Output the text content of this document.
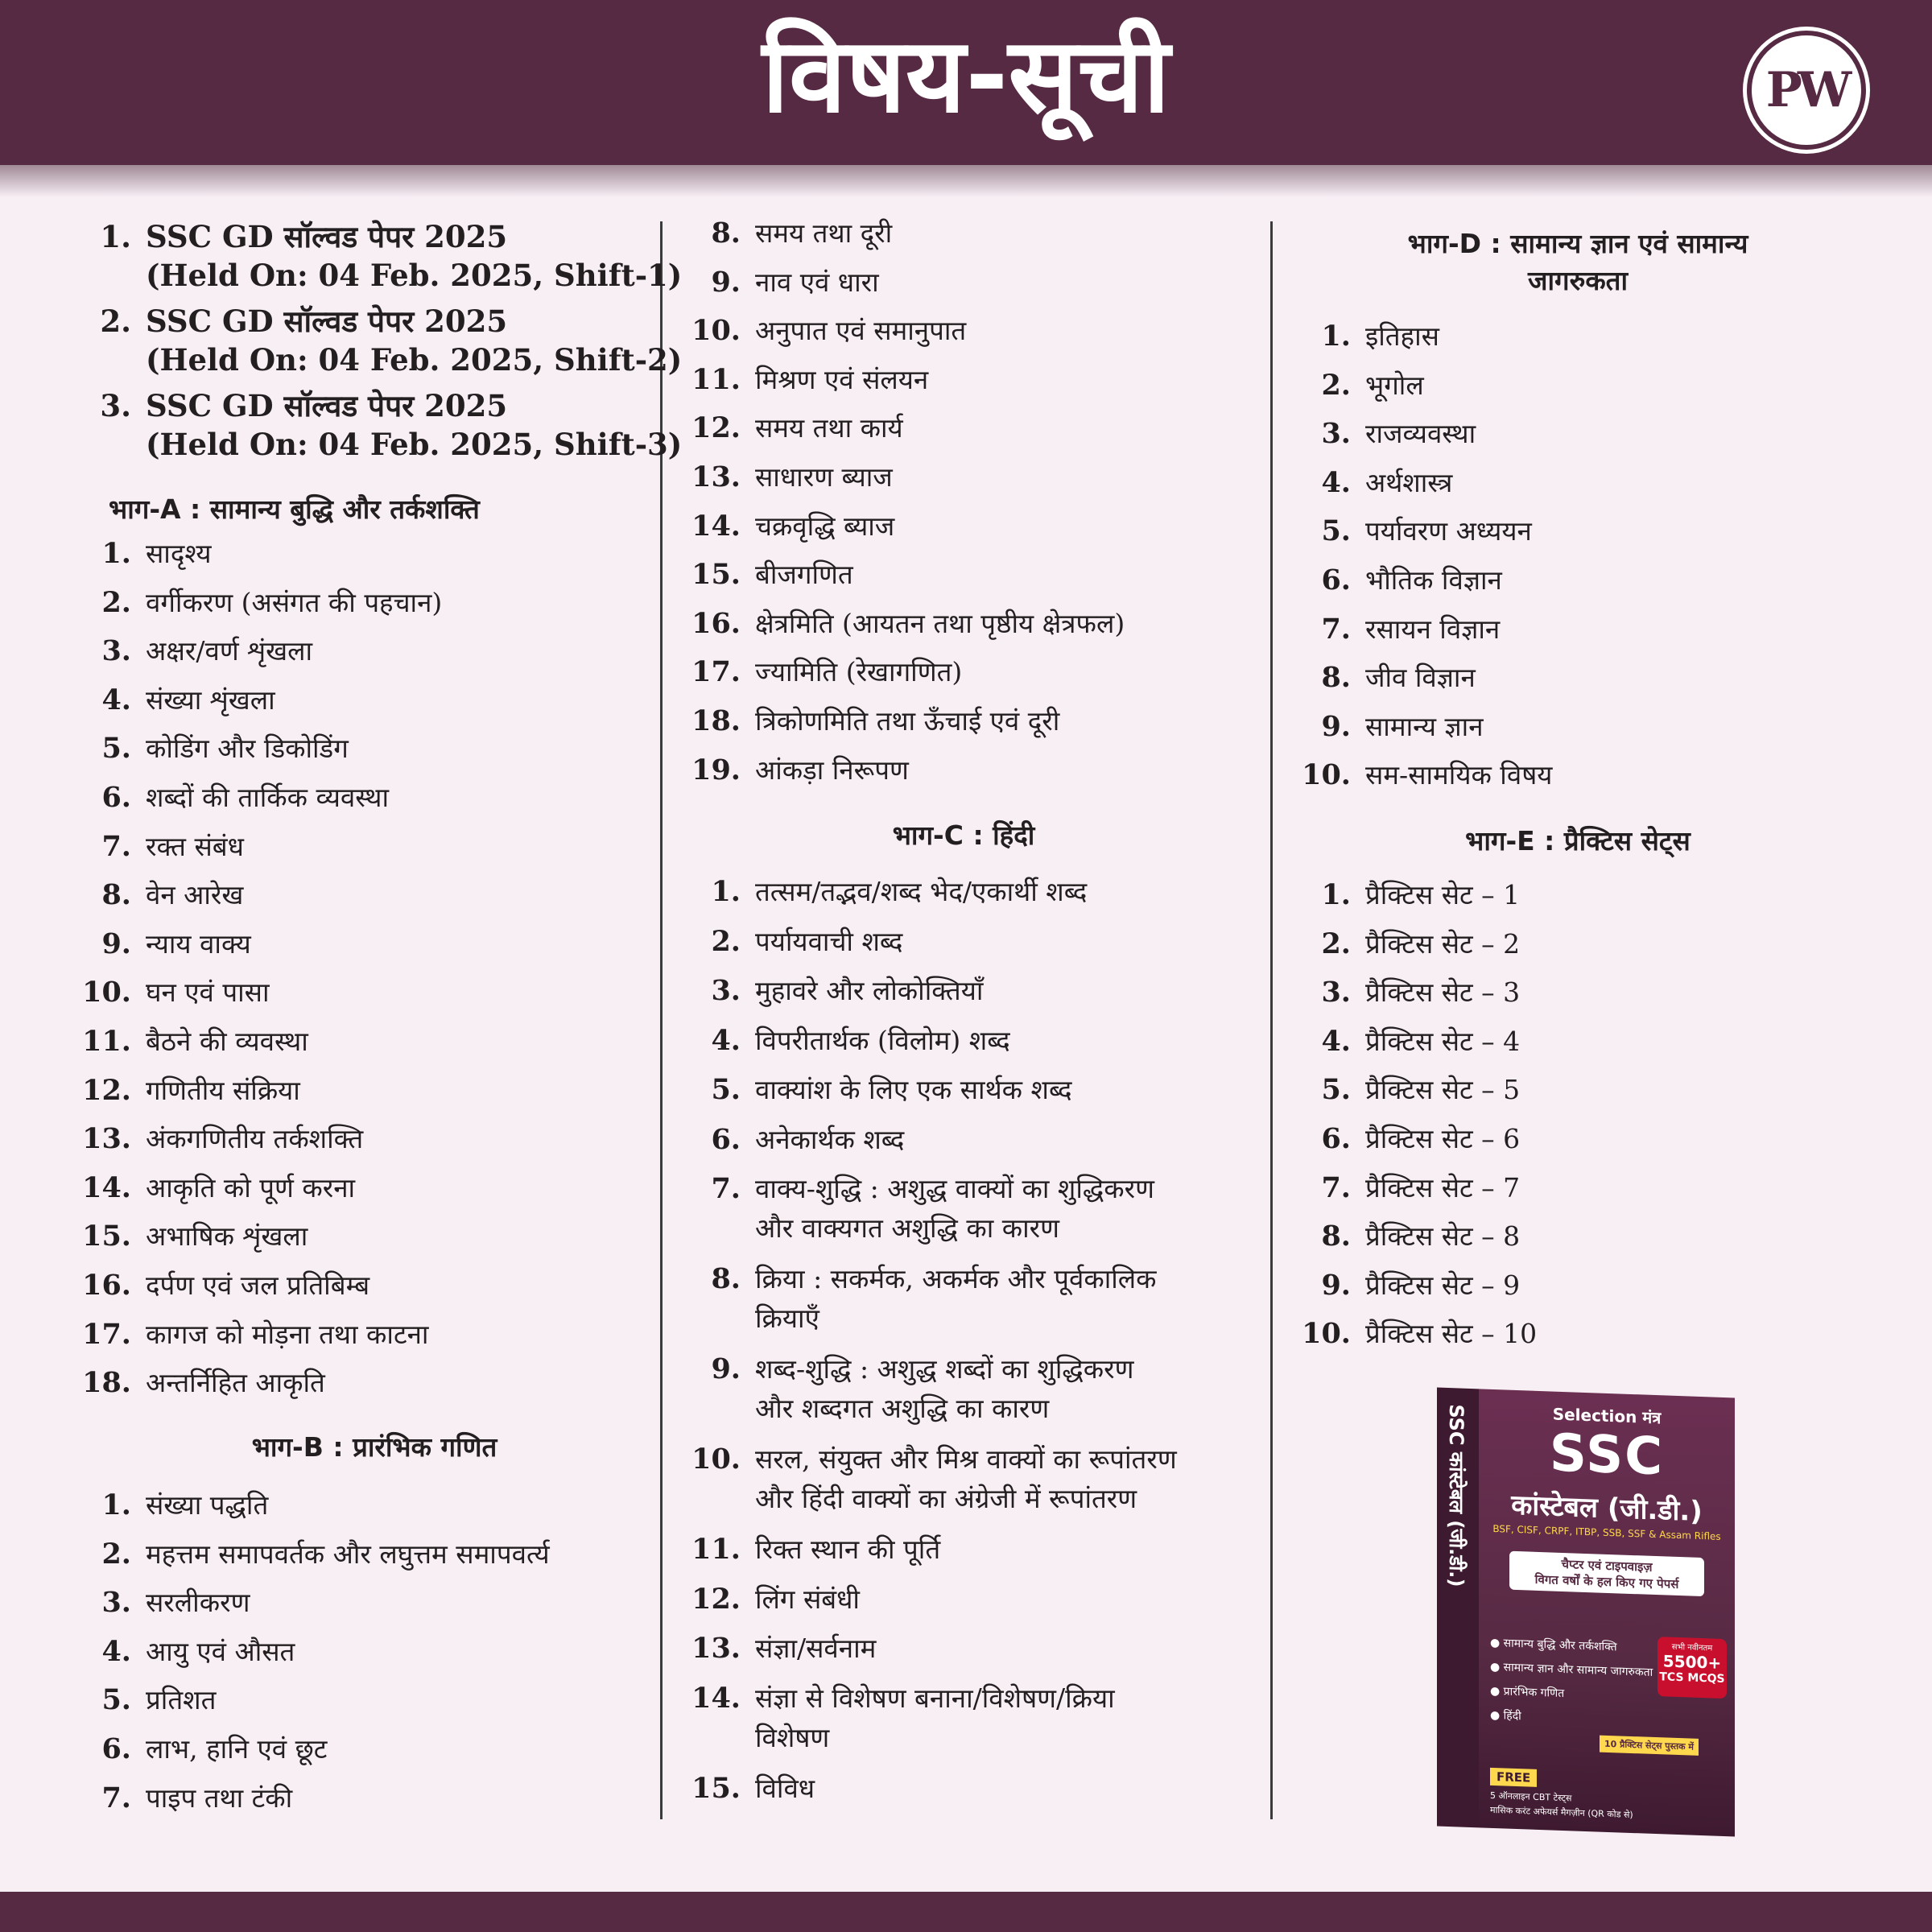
विषय-सूची	PW
1. SSC GD सॉल्वड पेपर 2025
(Held On: 04 Feb. 2025, Shift-1)
2. SSC GD सॉल्वड पेपर 2025
(Held On: 04 Feb. 2025, Shift-2)
3. SSC GD सॉल्वड पेपर 2025
(Held On: 04 Feb. 2025, Shift-3)
भाग-A : सामान्य बुद्धि और तर्कशक्ति
1. सादृश्य
2. वर्गीकरण (असंगत की पहचान)
3. अक्षर/वर्ण शृंखला
4. संख्या शृंखला
5. कोडिंग और डिकोडिंग
6. शब्दों की तार्किक व्यवस्था
7. रक्त संबंध
8. वेन आरेख
9. न्याय वाक्य
10. घन एवं पासा
11. बैठने की व्यवस्था
12. गणितीय संक्रिया
13. अंकगणितीय तर्कशक्ति
14. आकृति को पूर्ण करना
15. अभाषिक शृंखला
16. दर्पण एवं जल प्रतिबिम्ब
17. कागज को मोड़ना तथा काटना
18. अन्तर्निहित आकृति
भाग-B : प्रारंभिक गणित
1. संख्या पद्धति
2. महत्तम समापवर्तक और लघुत्तम समापवर्त्य
3. सरलीकरण
4. आयु एवं औसत
5. प्रतिशत
6. लाभ, हानि एवं छूट
7. पाइप तथा टंकी
8. समय तथा दूरी
9. नाव एवं धारा
10. अनुपात एवं समानुपात
11. मिश्रण एवं संलयन
12. समय तथा कार्य
13. साधारण ब्याज
14. चक्रवृद्धि ब्याज
15. बीजगणित
16. क्षेत्रमिति (आयतन तथा पृष्ठीय क्षेत्रफल)
17. ज्यामिति (रेखागणित)
18. त्रिकोणमिति तथा ऊँचाई एवं दूरी
19. आंकड़ा निरूपण
भाग-C : हिंदी
1. तत्सम/तद्भव/शब्द भेद/एकार्थी शब्द
2. पर्यायवाची शब्द
3. मुहावरे और लोकोक्तियाँ
4. विपरीतार्थक (विलोम) शब्द
5. वाक्यांश के लिए एक सार्थक शब्द
6. अनेकार्थक शब्द
7. वाक्य-शुद्धि : अशुद्ध वाक्यों का शुद्धिकरण
और वाक्यगत अशुद्धि का कारण
8. क्रिया : सकर्मक, अकर्मक और पूर्वकालिक
क्रियाएँ
9. शब्द-शुद्धि : अशुद्ध शब्दों का शुद्धिकरण
और शब्दगत अशुद्धि का कारण
10. सरल, संयुक्त और मिश्र वाक्यों का रूपांतरण
और हिंदी वाक्यों का अंग्रेजी में रूपांतरण
11. रिक्त स्थान की पूर्ति
12. लिंग संबंधी
13. संज्ञा/सर्वनाम
14. संज्ञा से विशेषण बनाना/विशेषण/क्रिया
विशेषण
15. विविध
भाग-D : सामान्य ज्ञान एवं सामान्य
जागरुकता
1. इतिहास
2. भूगोल
3. राजव्यवस्था
4. अर्थशास्त्र
5. पर्यावरण अध्ययन
6. भौतिक विज्ञान
7. रसायन विज्ञान
8. जीव विज्ञान
9. सामान्य ज्ञान
10. सम-सामयिक विषय
भाग-E : प्रैक्टिस सेट्स
1. प्रैक्टिस सेट – 1
2. प्रैक्टिस सेट – 2
3. प्रैक्टिस सेट – 3
4. प्रैक्टिस सेट – 4
5. प्रैक्टिस सेट – 5
6. प्रैक्टिस सेट – 6
7. प्रैक्टिस सेट – 7
8. प्रैक्टिस सेट – 8
9. प्रैक्टिस सेट – 9
10. प्रैक्टिस सेट – 10
SSC कांस्टेबल (जी.डी.)	Selection मंत्र
SSC
कांस्टेबल (जी.डी.)
BSF, CISF, CRPF, ITBP, SSB, SSF & Assam Rifles
चैप्टर एवं टाइपवाइज़
विगत वर्षों के हल किए गए पेपर्स
● सामान्य बुद्धि और तर्कशक्ति
● सामान्य ज्ञान और सामान्य जागरुकता
● प्रारंभिक गणित
● हिंदी
सभी नवीनतम
5500+
TCS MCQS
10 प्रैक्टिस सेट्स पुस्तक में
FREE
5 ऑनलाइन CBT टेस्ट्स
मासिक करंट अफेयर्स मैगज़ीन (QR कोड से)
